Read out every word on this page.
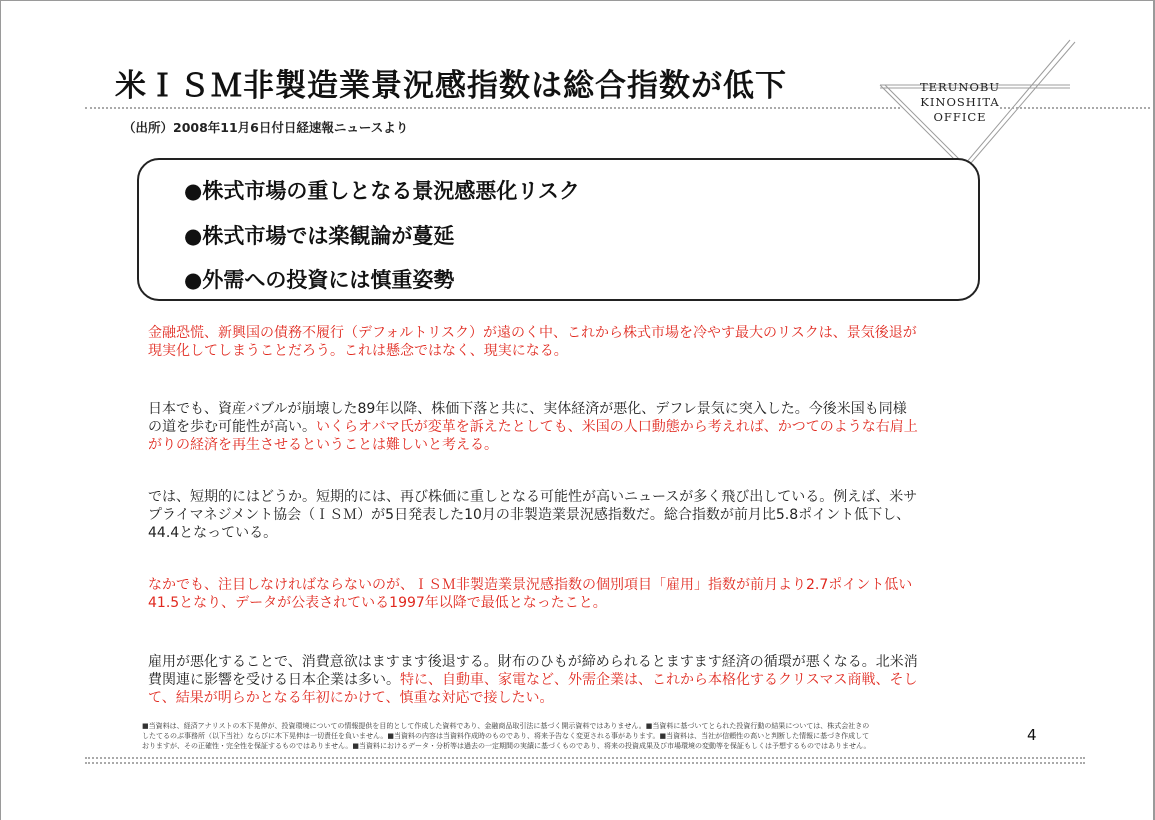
米ＩＳＭ非製造業景況感指数は総合指数が低下
（出所）2008年11月6日付日経速報ニュースより
TERUNOBU
KINOSHITA
OFFICE
●株式市場の重しとなる景況感悪化リスク
●株式市場では楽観論が蔓延
●外需への投資には慎重姿勢
金融恐慌、新興国の債務不履行（デフォルトリスク）が遠のく中、これから株式市場を冷やす最大のリスクは、景気後退が
現実化してしまうことだろう。これは懸念ではなく、現実になる。
日本でも、資産バブルが崩壊した89年以降、株価下落と共に、実体経済が悪化、デフレ景気に突入した。今後米国も同様
の道を歩む可能性が高い。いくらオバマ氏が変革を訴えたとしても、米国の人口動態から考えれば、かつてのような右肩上
がりの経済を再生させるということは難しいと考える。
では、短期的にはどうか。短期的には、再び株価に重しとなる可能性が高いニュースが多く飛び出している。例えば、米サ
プライマネジメント協会（ＩＳＭ）が5日発表した10月の非製造業景況感指数だ。総合指数が前月比5.8ポイント低下し、
44.4となっている。
なかでも、注目しなければならないのが、ＩＳＭ非製造業景況感指数の個別項目「雇用」指数が前月より2.7ポイント低い
41.5となり、データが公表されている1997年以降で最低となったこと。
雇用が悪化することで、消費意欲はますます後退する。財布のひもが締められるとますます経済の循環が悪くなる。北米消
費関連に影響を受ける日本企業は多い。特に、自動車、家電など、外需企業は、これから本格化するクリスマス商戦、そし
て、結果が明らかとなる年初にかけて、慎重な対応で接したい。
■当資料は、経済アナリストの木下晃伸が、投資環境についての情報提供を目的として作成した資料であり、金融商品取引法に基づく開示資料ではありません。■当資料に基づいてとられた投資行動の結果については、株式会社きの
したてるのぶ事務所（以下当社）ならびに木下晃伸は一切責任を負いません。■当資料の内容は当資料作成時のものであり、将来予告なく変更される事があります。■当資料は、当社が信頼性の高いと判断した情報に基づき作成して
おりますが、その正確性・完全性を保証するものではありません。■当資料におけるデータ・分析等は過去の一定期間の実績に基づくものであり、将来の投資成果及び市場環境の変動等を保証もしくは予想するものではありません。
4
